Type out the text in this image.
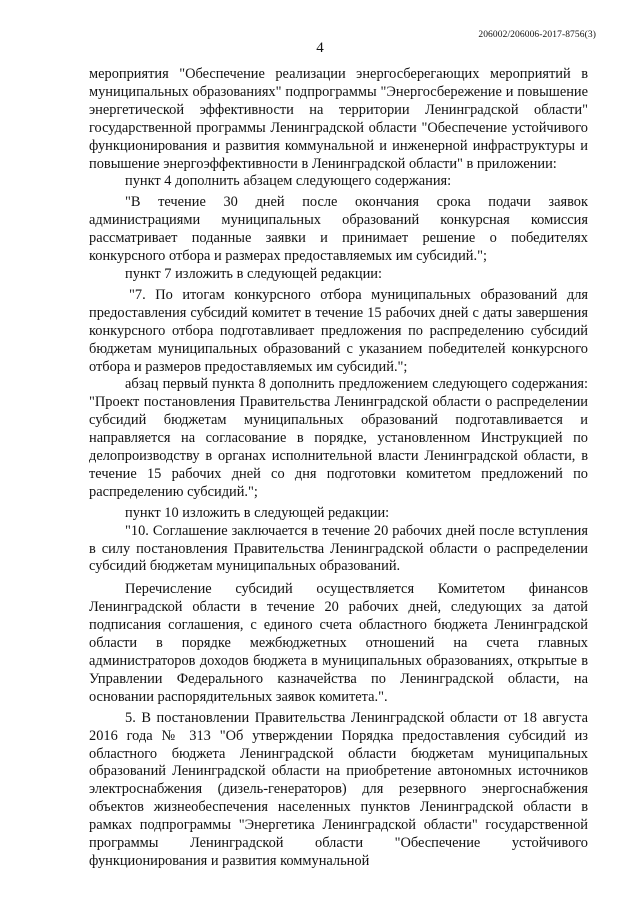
206002/206006-2017-8756(3)
4

мероприятия "Обеспечение реализации энергосберегающих мероприятий в муниципальных образованиях" подпрограммы "Энергосбережение и повышение энергетической эффективности на территории Ленинградской области" государственной программы Ленинградской области "Обеспечение устойчивого функционирования и развития коммунальной и инженерной инфраструктуры и повышение энергоэффективности в Ленинградской области" в приложении:

пункт 4 дополнить абзацем следующего содержания:

"В течение 30 дней после окончания срока подачи заявок администрациями муниципальных образований конкурсная комиссия рассматривает поданные заявки и принимает решение о победителях конкурсного отбора и размерах предоставляемых им субсидий.";

пункт 7 изложить в следующей редакции:

"7. По итогам конкурсного отбора муниципальных образований для предоставления субсидий комитет в течение 15 рабочих дней с даты завершения конкурсного отбора подготавливает предложения по распределению субсидий бюджетам муниципальных образований с указанием победителей конкурсного отбора и размеров предоставляемых им субсидий.";

абзац первый пункта 8 дополнить предложением следующего содержания: "Проект постановления Правительства Ленинградской области о распределении субсидий бюджетам муниципальных образований подготавливается и направляется на согласование в порядке, установленном Инструкцией по делопроизводству в органах исполнительной власти Ленинградской области, в течение 15 рабочих дней со дня подготовки комитетом предложений по распределению субсидий.";

пункт 10 изложить в следующей редакции:

"10. Соглашение заключается в течение 20 рабочих дней после вступления в силу постановления Правительства Ленинградской области о распределении субсидий бюджетам муниципальных образований.

Перечисление субсидий осуществляется Комитетом финансов Ленинградской области в течение 20 рабочих дней, следующих за датой подписания соглашения, с единого счета областного бюджета Ленинградской области в порядке межбюджетных отношений на счета главных администраторов доходов бюджета в муниципальных образованиях, открытые в Управлении Федерального казначейства по Ленинградской области, на основании распорядительных заявок комитета.".

5. В постановлении Правительства Ленинградской области от 18 августа 2016 года № 313 "Об утверждении Порядка предоставления субсидий из областного бюджета Ленинградской области бюджетам муниципальных образований Ленинградской области на приобретение автономных источников электроснабжения (дизель-генераторов) для резервного энергоснабжения объектов жизнеобеспечения населенных пунктов Ленинградской области в рамках подпрограммы "Энергетика Ленинградской области" государственной программы Ленинградской области "Обеспечение устойчивого функционирования и развития коммунальной
